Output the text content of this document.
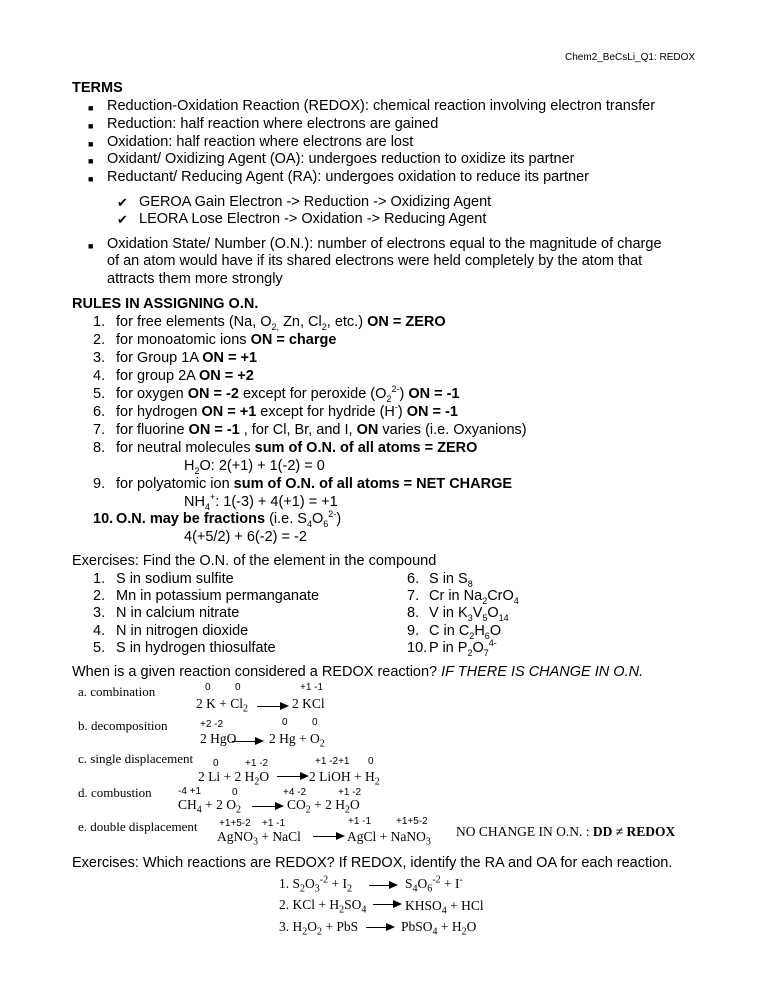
Chem2_BeCsLi_Q1: REDOX
TERMS
■ Reduction-Oxidation Reaction (REDOX): chemical reaction involving electron transfer
■ Reduction: half reaction where electrons are gained
■ Oxidation: half reaction where electrons are lost
■ Oxidant/ Oxidizing Agent (OA): undergoes reduction to oxidize its partner
■ Reductant/ Reducing Agent (RA): undergoes oxidation to reduce its partner
✔ GEROA Gain Electron -> Reduction -> Oxidizing Agent
✔ LEORA Lose Electron -> Oxidation -> Reducing Agent
■ Oxidation State/ Number (O.N.): number of electrons equal to the magnitude of charge
of an atom would have if its shared electrons were held completely by the atom that
attracts them more strongly
RULES IN ASSIGNING O.N.
1. for free elements (Na, $O_{2,}$ Zn, $Cl_2$, etc.) ON = ZERO
2. for monoatomic ions ON = charge
3. for Group 1A ON = +1
4. for group 2A ON = +2
5. for oxygen ON = -2 except for peroxide $(O_2^{2-})$ ON = -1
6. for hydrogen ON = +1 except for hydride (H-) ON = -1
7. for fluorine ON = -1 , for Cl, Br, and I, ON varies (i.e. Oxyanions)
8. for neutral molecules sum of O.N. of all atoms = ZERO
$H_2O$: 2(+1) + 1(-2) = 0
9. for polyatomic ion sum of O.N. of all atoms = NET CHARGE
$NH_4^+$: 1(-3) + 4(+1) = +1
10. O.N. may be fractions (i.e. $S_4O_6^{2-}$)
4(+5/2) + 6(-2) = -2
Exercises: Find the O.N. of the element in the compound
1. S in sodium sulfite
2. Mn in potassium permanganate
3. N in calcium nitrate
4. N in nitrogen dioxide
5. S in hydrogen thiosulfate
6. S in $S_8$
7. Cr in $Na_2CrO_4$
8. V in $K_3V_5O_{14}$
9. C in $C_2H_6O$
10. P in $P_2O_7^{4-}$
When is a given reaction considered a REDOX reaction? IF THERE IS CHANGE IN O.N.
a. combination	0 0	+1 -1
2 $K + Cl_2$	2 KCl
b. decomposition	+2 -2	0 0
2 HgO 2 $Hg + O_2$
c. single displacement 0	+1 -2	+1 -2+1 0
2 Li + 2 $H_2O$	2 LiOH + $H_2$
d. combustion	-4 +1	0	+4 -2	+1 -2
$CH_4 + 2$ $O_2$	$CO_2 + 2$ $H_2O$
e. double displacement +1+5-2 +1 -1	+1 -1 +1+5-2
AgNO$_3$ + NaCl	AgCl + NaNO$_3$
NO CHANGE IN O.N. : DD ≠ REDOX
Exercises: Which reactions are REDOX? If REDOX, identify the RA and OA for each reaction.
1. $S_2O_3^{-2} + I_2$	$S_4O_6^{-2} + I^-$
2. KCl + $H_2SO_4$	$KHSO_4$ + HCl
3. $H_2O_2$ + PbS	PbSO$_4$ + $H_2O$
